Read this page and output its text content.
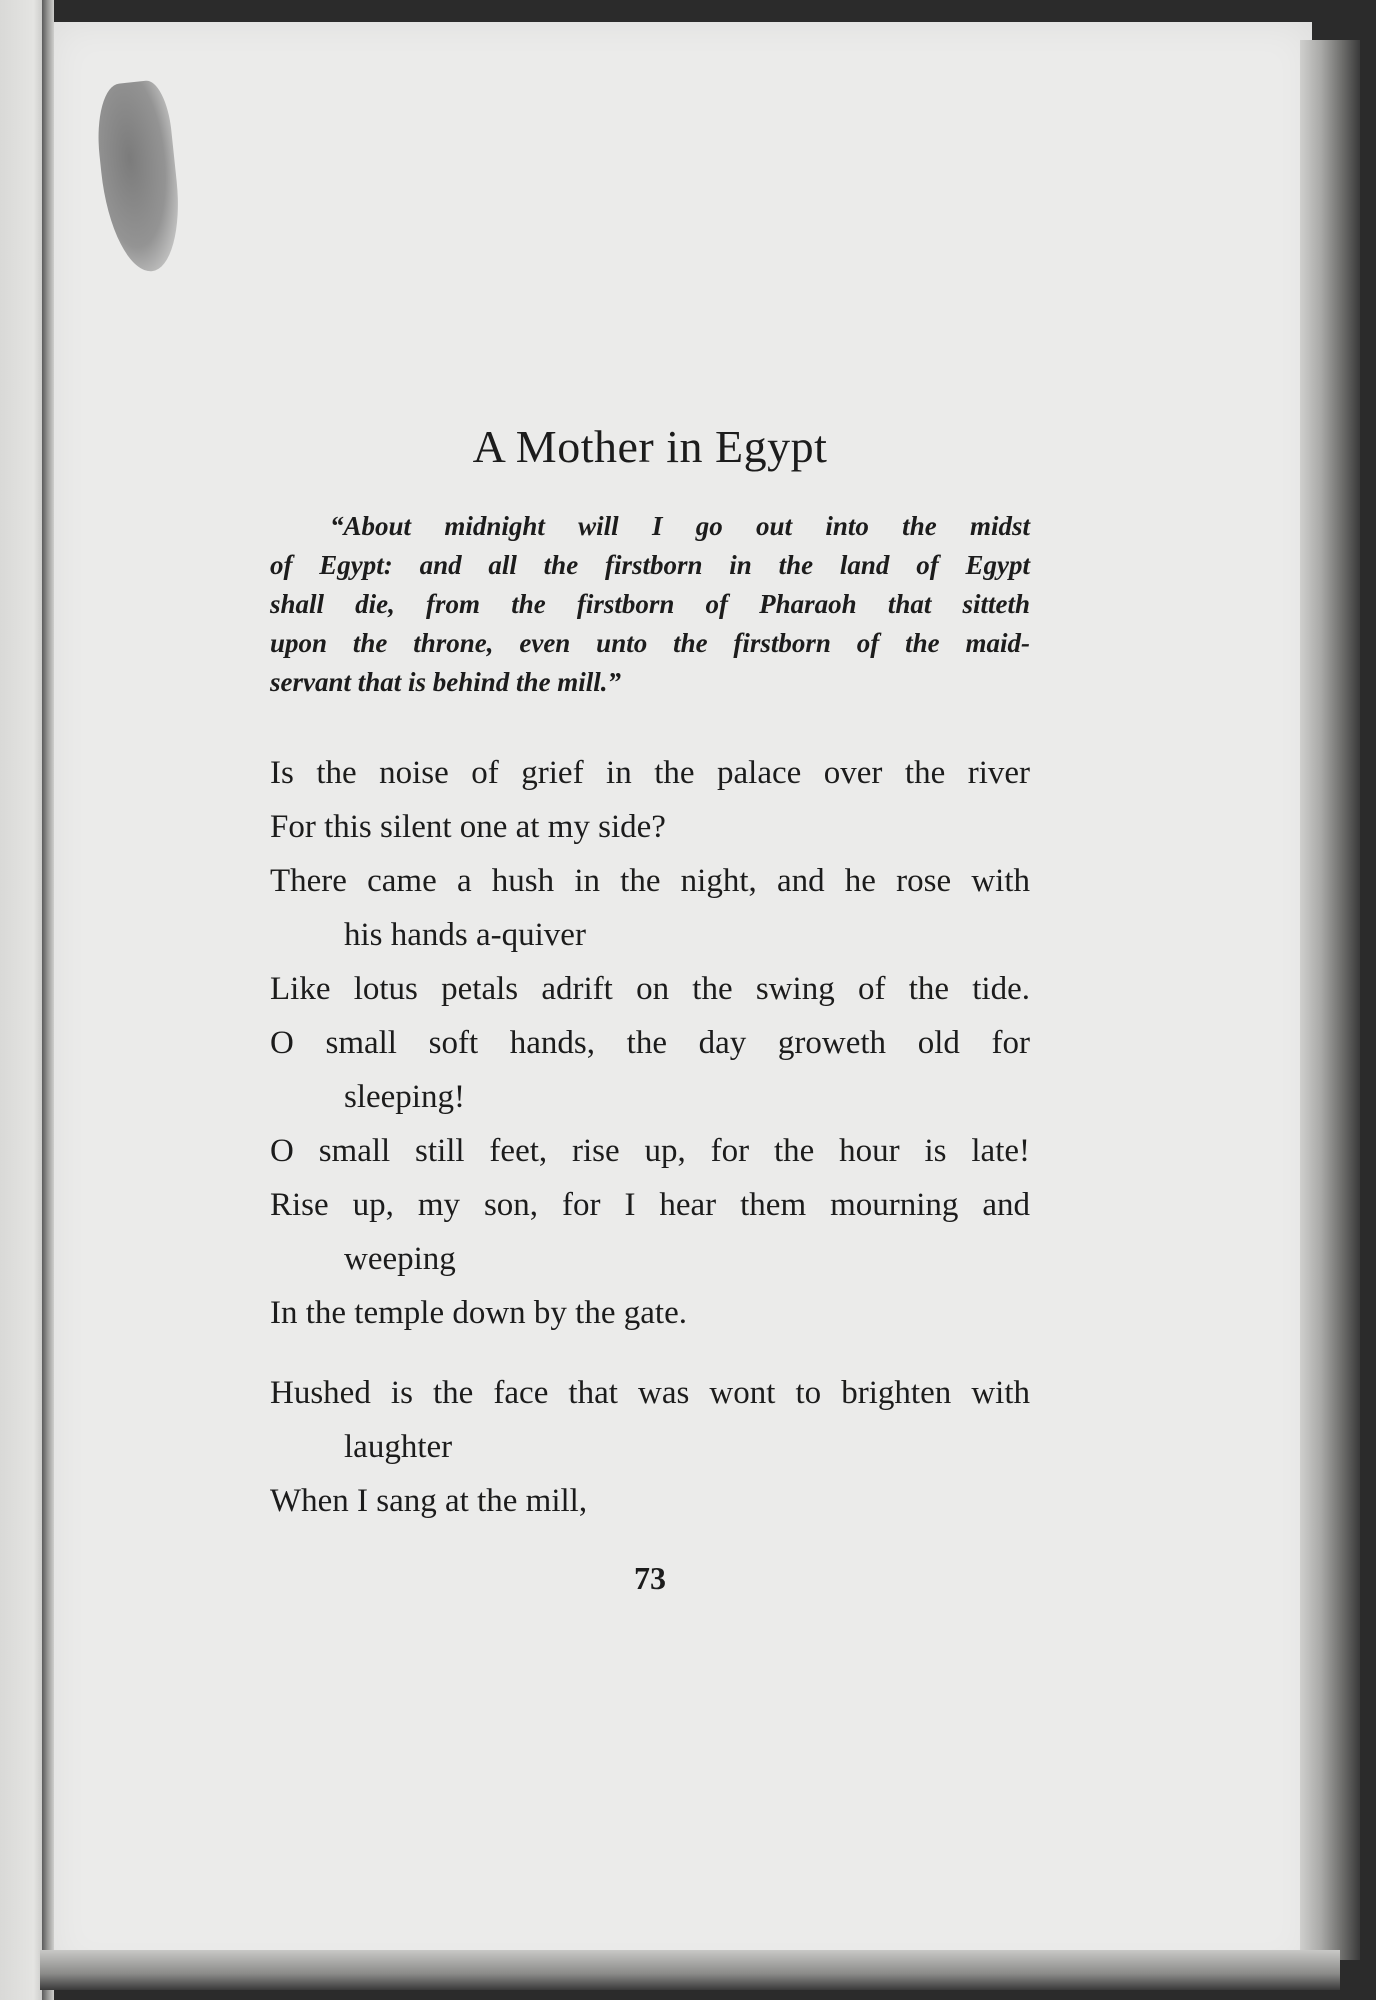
A Mother in Egypt
“About midnight will I go out into the midst
of Egypt: and all the firstborn in the land of Egypt
shall die, from the firstborn of Pharaoh that sitteth
upon the throne, even unto the firstborn of the maid-
servant that is behind the mill.”
Is the noise of grief in the palace over the river
For this silent one at my side?
There came a hush in the night, and he rose with
his hands a-quiver
Like lotus petals adrift on the swing of the tide.
O small soft hands, the day groweth old for
sleeping!
O small still feet, rise up, for the hour is late!
Rise up, my son, for I hear them mourning and
weeping
In the temple down by the gate.
Hushed is the face that was wont to brighten with
laughter
When I sang at the mill,
73
